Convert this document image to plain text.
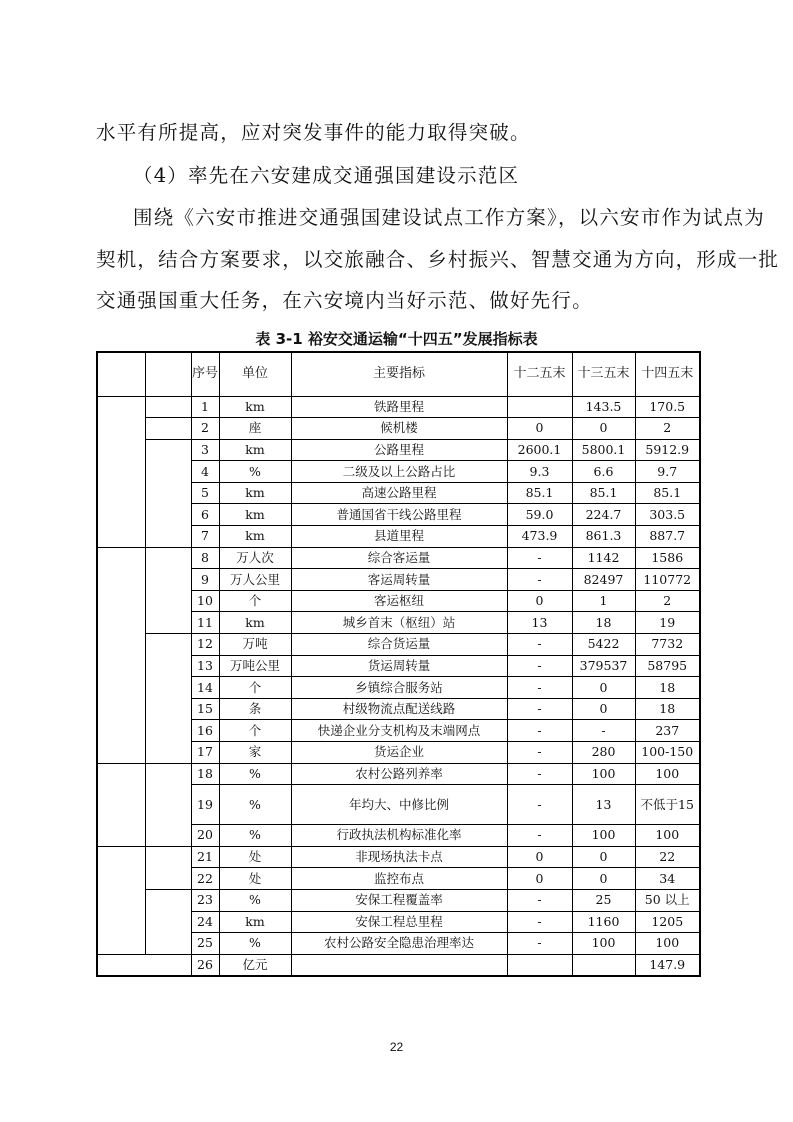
水平有所提高，应对突发事件的能力取得突破。
（4）率先在六安建成交通强国建设示范区
围绕《六安市推进交通强国建设试点工作方案》，以六安市作为试点为
契机，结合方案要求，以交旅融合、乡村振兴、智慧交通为方向，形成一批
交通强国重大任务，在六安境内当好示范、做好先行。
表 3-1 裕安交通运输“十四五”发展指标表
		序号	单位	主要指标	十二五末	十三五末	十四五末
		1	km	铁路里程		143.5	170.5
		2	座	候机楼	0	0	2
		3	km	公路里程	2600.1	5800.1	5912.9
		4	%	二级及以上公路占比	9.3	6.6	9.7
		5	km	高速公路里程	85.1	85.1	85.1
		6	km	普通国省干线公路里程	59.0	224.7	303.5
		7	km	县道里程	473.9	861.3	887.7
		8	万人次	综合客运量	-	1142	1586
		9	万人公里	客运周转量	-	82497	110772
		10	个	客运枢纽	0	1	2
		11	km	城乡首末（枢纽）站	13	18	19
		12	万吨	综合货运量	-	5422	7732
		13	万吨公里	货运周转量	-	379537	58795
		14	个	乡镇综合服务站	-	0	18
		15	条	村级物流点配送线路	-	0	18
		16	个	快递企业分支机构及末端网点	-	-	237
		17	家	货运企业	-	280	100-150
		18	%	农村公路列养率	-	100	100
		19	%	年均大、中修比例	-	13	不低于15
		20	%	行政执法机构标准化率	-	100	100
		21	处	非现场执法卡点	0	0	22
		22	处	监控布点	0	0	34
		23	%	安保工程覆盖率	-	25	50 以上
		24	km	安保工程总里程	-	1160	1205
		25	%	农村公路安全隐患治理率达	-	100	100
		26	亿元				147.9
22
